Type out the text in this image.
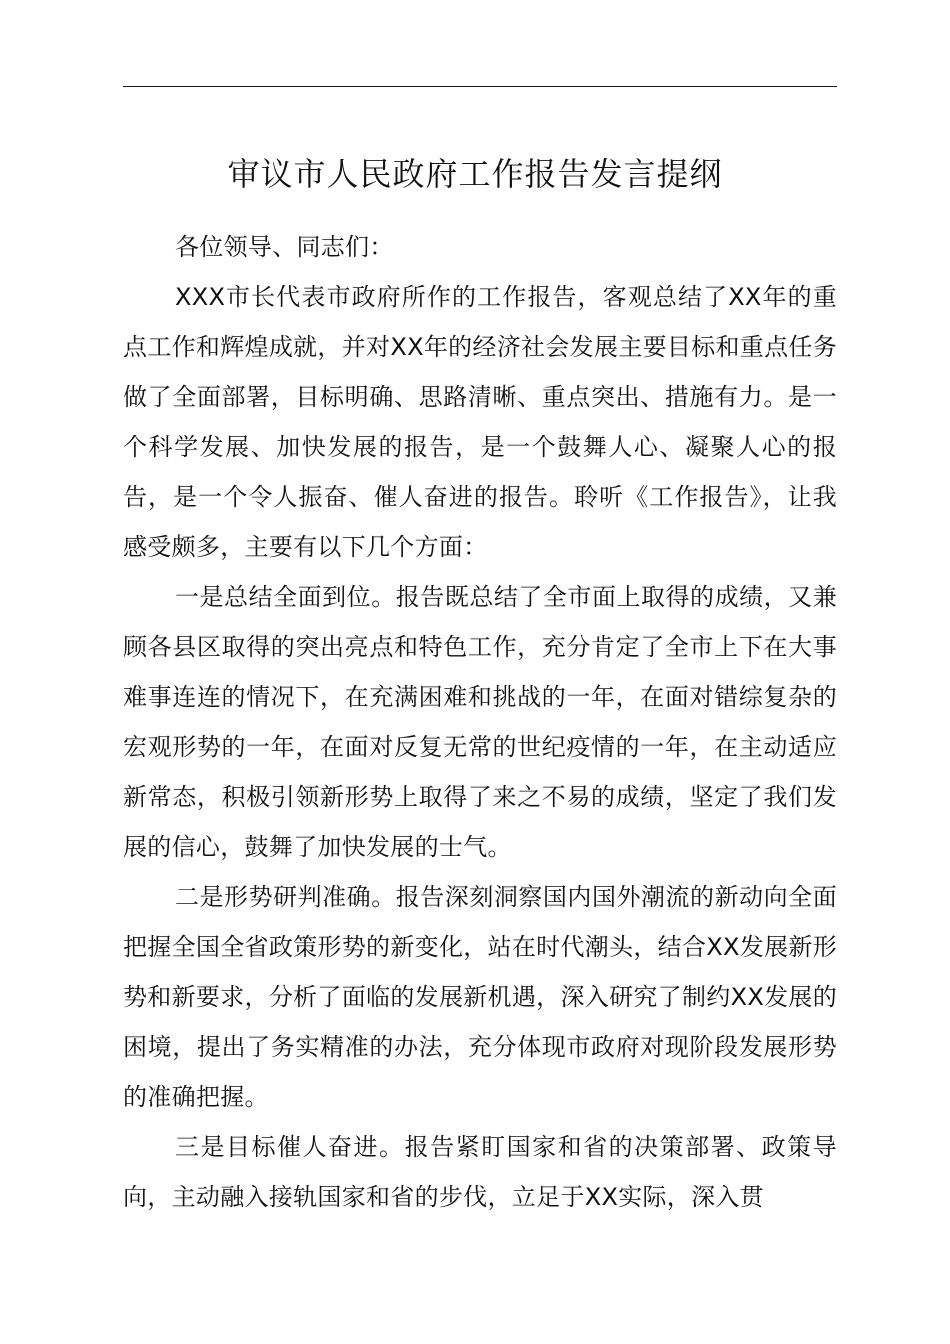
审议市人民政府工作报告发言提纲

各位领导、同志们：

XXX市长代表市政府所作的工作报告，客观总结了XX年的重点工作和辉煌成就，并对XX年的经济社会发展主要目标和重点任务做了全面部署，目标明确、思路清晰、重点突出、措施有力。是一个科学发展、加快发展的报告，是一个鼓舞人心、凝聚人心的报告，是一个令人振奋、催人奋进的报告。聆听《工作报告》，让我感受颇多，主要有以下几个方面：

一是总结全面到位。报告既总结了全市面上取得的成绩，又兼顾各县区取得的突出亮点和特色工作，充分肯定了全市上下在大事难事连连的情况下，在充满困难和挑战的一年，在面对错综复杂的宏观形势的一年，在面对反复无常的世纪疫情的一年，在主动适应新常态，积极引领新形势上取得了来之不易的成绩，坚定了我们发展的信心，鼓舞了加快发展的士气。

二是形势研判准确。报告深刻洞察国内国外潮流的新动向全面把握全国全省政策形势的新变化，站在时代潮头，结合XX发展新形势和新要求，分析了面临的发展新机遇，深入研究了制约XX发展的困境，提出了务实精准的办法，充分体现市政府对现阶段发展形势的准确把握。

三是目标催人奋进。报告紧盯国家和省的决策部署、政策导向，主动融入接轨国家和省的步伐，立足于XX实际，深入贯
